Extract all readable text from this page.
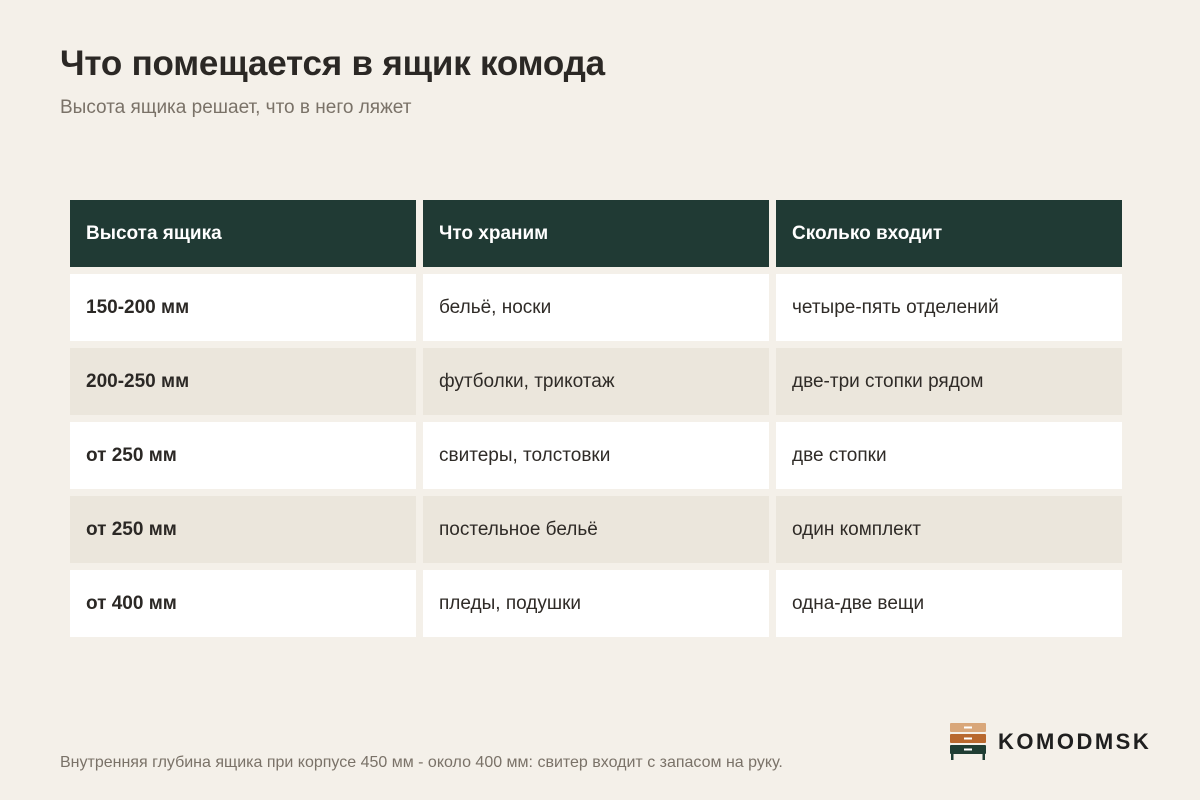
Что помещается в ящик комода
Высота ящика решает, что в него ляжет
Высота ящика	Что храним	Сколько входит
150-200 мм	бельё, носки	четыре-пять отделений
200-250 мм	футболки, трикотаж	две-три стопки рядом
от 250 мм	свитеры, толстовки	две стопки
от 250 мм	постельное бельё	один комплект
от 400 мм	пледы, подушки	одна-две вещи
Внутренняя глубина ящика при корпусе 450 мм - около 400 мм: свитер входит с запасом на руку.
KOMODMSK
